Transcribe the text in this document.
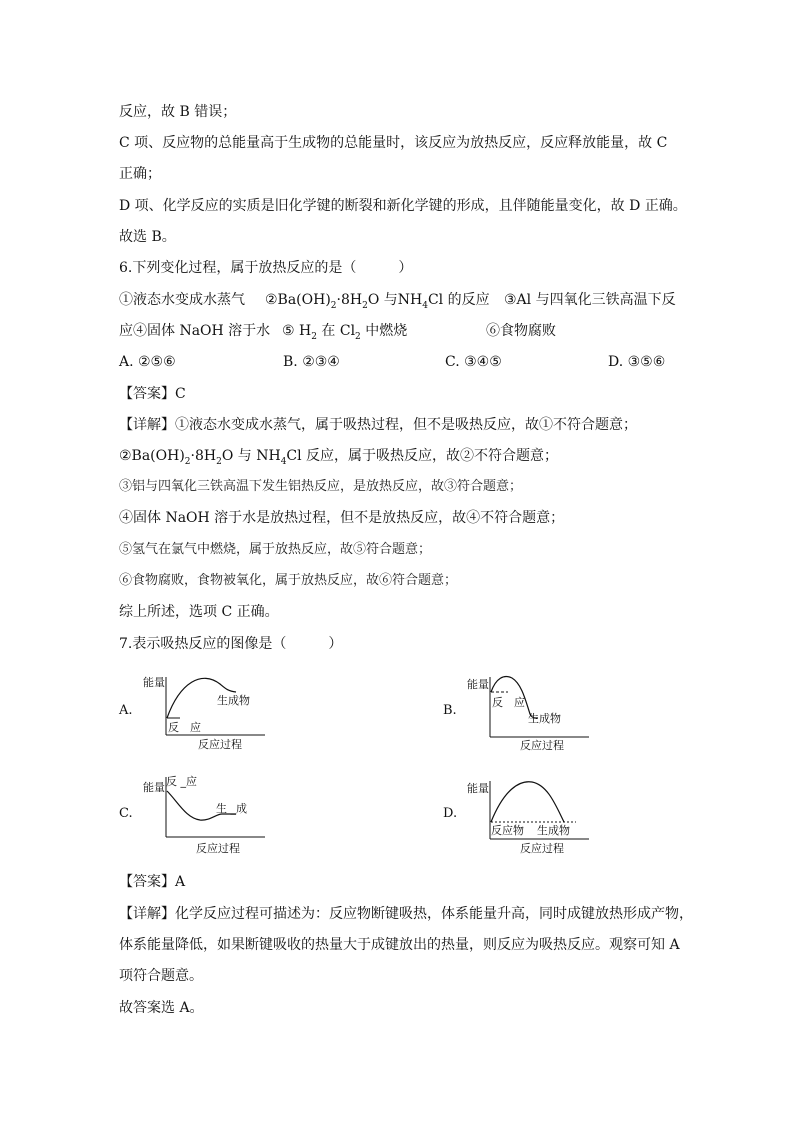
反应，故 B 错误；
C 项、反应物的总能量高于生成物的总能量时，该反应为放热反应，反应释放能量，故 C
正确；
D 项、化学反应的实质是旧化学键的断裂和新化学键的形成，且伴随能量变化，故 D 正确。
故选 B。
6.下列变化过程，属于放热反应的是（　　　）
①液态水变成水蒸气 $②Ba(OH)_2\cdot 8H_2O$ 与$NH_4Cl$ 的反应 ③Al 与四氧化三铁高温下反
应④固体 NaOH 溶于水 ⑤ $H_2$ 在 $Cl_2$ 中燃烧	⑥食物腐败
A. ②⑤⑥	B. ②③④	C. ③④⑤	D. ③⑤⑥
【答案】C
【详解】①液态水变成水蒸气，属于吸热过程，但不是吸热反应，故①不符合题意；
$②Ba(OH)_2\cdot 8H_2O$ 与 $NH_4Cl$ 反应，属于吸热反应，故②不符合题意；
③铝与四氧化三铁高温下发生铝热反应，是放热反应，故③符合题意；
④固体 NaOH 溶于水是放热过程，但不是放热反应，故④不符合题意；
⑤氢气在氯气中燃烧，属于放热反应，故⑤符合题意；
⑥食物腐败，食物被氧化，属于放热反应，故⑥符合题意；
综上所述，选项 C 正确。
7.表示吸热反应的图像是（　　　）
A.
能量
生成物
反　应
反应过程
B.
能量
反　应
生成物
反应过程
C.
能量 反 _应
生 _成
反应过程
D.
能量
反应物 生成物
反应过程
【答案】A
【详解】化学反应过程可描述为：反应物断键吸热，体系能量升高，同时成键放热形成产物，
体系能量降低，如果断键吸收的热量大于成键放出的热量，则反应为吸热反应。观察可知 A
项符合题意。
故答案选 A。
